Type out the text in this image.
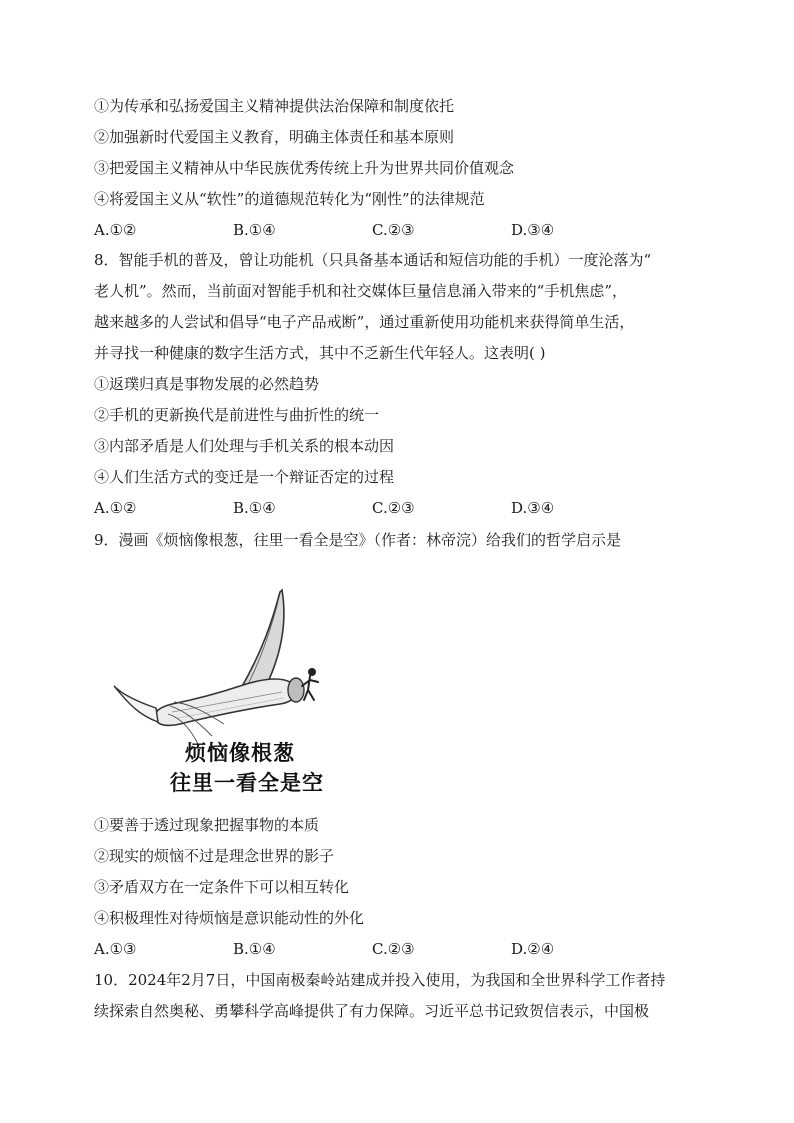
①为传承和弘扬爱国主义精神提供法治保障和制度依托
②加强新时代爱国主义教育，明确主体责任和基本原则
③把爱国主义精神从中华民族优秀传统上升为世界共同价值观念
④将爱国主义从“软性”的道德规范转化为“刚性”的法律规范
A.①②	B.①④	C.②③	D.③④
8．智能手机的普及，曾让功能机（只具备基本通话和短信功能的手机）一度沦落为“
老人机”。然而，当前面对智能手机和社交媒体巨量信息涌入带来的“手机焦虑”，
越来越多的人尝试和倡导“电子产品戒断”，通过重新使用功能机来获得简单生活，
并寻找一种健康的数字生活方式，其中不乏新生代年轻人。这表明( )
①返璞归真是事物发展的必然趋势
②手机的更新换代是前进性与曲折性的统一
③内部矛盾是人们处理与手机关系的根本动因
④人们生活方式的变迁是一个辩证否定的过程
A.①②	B.①④	C.②③	D.③④
9．漫画《烦恼像根葱，往里一看全是空》（作者：林帝浣）给我们的哲学启示是
烦恼像根葱
往里一看全是空
①要善于透过现象把握事物的本质
②现实的烦恼不过是理念世界的影子
③矛盾双方在一定条件下可以相互转化
④积极理性对待烦恼是意识能动性的外化
A.①③	B.①④	C.②③	D.②④
10．2024年2月7日，中国南极秦岭站建成并投入使用，为我国和全世界科学工作者持
续探索自然奥秘、勇攀科学高峰提供了有力保障。习近平总书记致贺信表示，中国极
